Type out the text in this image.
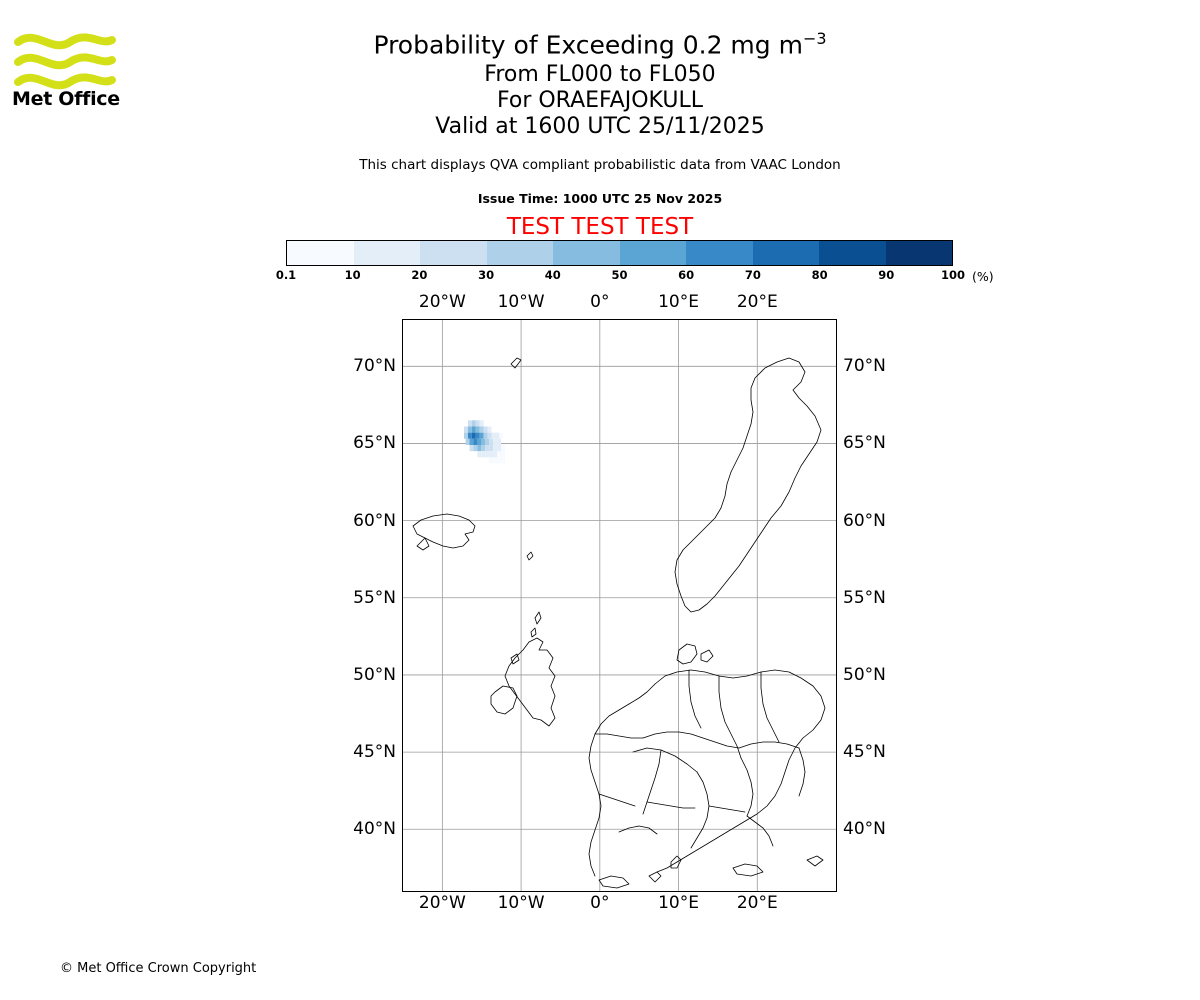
Met Office
Probability of Exceeding 0.2 mg $m^{-3}$
From FL000 to FL050
For ORAEFAJOKULL
Valid at 1600 UTC 25/11/2025
This chart displays QVA compliant probabilistic data from VAAC London
Issue Time: 1000 UTC 25 Nov 2025
TEST TEST TEST
0.1	10	20	30	40	50	60	70	80	90	100 (%)
20°W
20°W
10°W
10°W
0°
0°
10°E
10°E
20°E
20°E
40°N	40°N
45°N	45°N
50°N	50°N
55°N	55°N
60°N	60°N
65°N	65°N
70°N	70°N
© Met Office Crown Copyright
